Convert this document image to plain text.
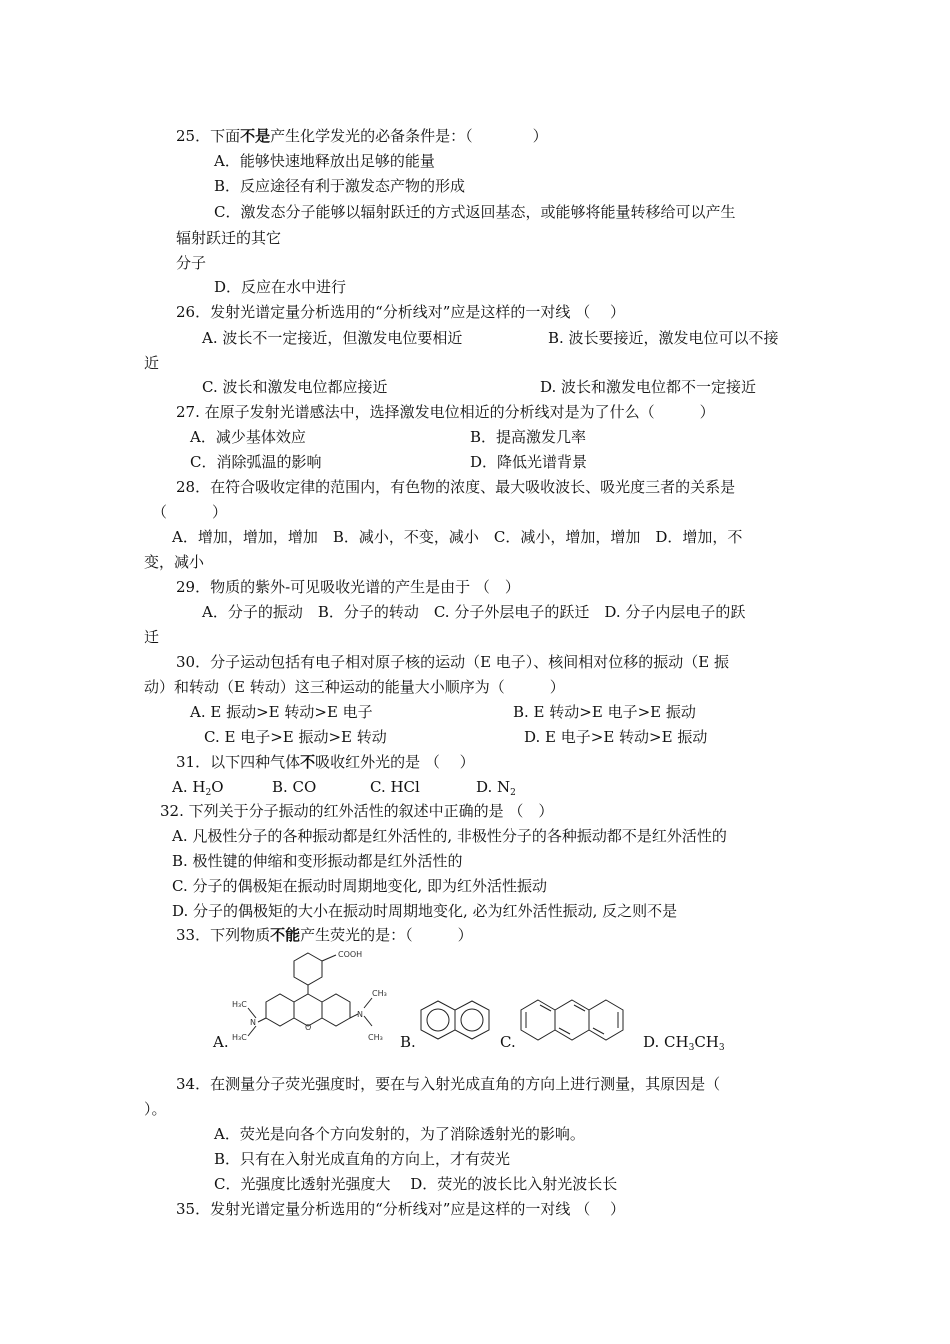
25．下面不是产生化学发光的必备条件是：（　　　　）
A．能够快速地释放出足够的能量
B．反应途径有利于激发态产物的形成
C．激发态分子能够以辐射跃迁的方式返回基态，或能够将能量转移给可以产生
辐射跃迁的其它
分子
D．反应在水中进行
26．发射光谱定量分析选用的“分析线对”应是这样的一对线 （　 ）
A. 波长不一定接近，但激发电位要相近	B. 波长要接近，激发电位可以不接
近
C. 波长和激发电位都应接近	D. 波长和激发电位都不一定接近
27. 在原子发射光谱感法中，选择激发电位相近的分析线对是为了什么（　　　）
A．减少基体效应	B．提高激发几率
C．消除弧温的影响	D．降低光谱背景
28．在符合吸收定律的范围内，有色物的浓度、最大吸收波长、吸光度三者的关系是
（　　　）
A．增加，增加，增加　B．减小，不变，减小　C．减小，增加，增加　D．增加，不
变，减小
29．物质的紫外-可见吸收光谱的产生是由于 （　）
A．分子的振动　B．分子的转动　C. 分子外层电子的跃迁　D. 分子内层电子的跃
迁
30．分子运动包括有电子相对原子核的运动（E 电子）、核间相对位移的振动（E 振
动）和转动（E 转动）这三种运动的能量大小顺序为（　　　）
A. E 振动>E 转动>E 电子	B. E 转动>E 电子>E 振动
C. E 电子>E 振动>E 转动	D. E 电子>E 转动>E 振动
31．以下四种气体不吸收红外光的是 （　 ）
A. $H_2O$	B. CO	C. HCl	D. $N_2$
32. 下列关于分子振动的红外活性的叙述中正确的是 （　）
A. 凡极性分子的各种振动都是红外活性的, 非极性分子的各种振动都不是红外活性的
B. 极性键的伸缩和变形振动都是红外活性的
C. 分子的偶极矩在振动时周期地变化, 即为红外活性振动
D. 分子的偶极矩的大小在振动时周期地变化, 必为红外活性振动, 反之则不是
33．下列物质不能产生荧光的是：（　　　）
A.	B.	C.	D. $CH_3CH_3$
COOH
O
N
N
H₃C
H₃C
CH₃
CH₃
34．在测量分子荧光强度时，要在与入射光成直角的方向上进行测量，其原因是（
）。
A．荧光是向各个方向发射的，为了消除透射光的影响。
B．只有在入射光成直角的方向上，才有荧光
C．光强度比透射光强度大　 D．荧光的波长比入射光波长长
35．发射光谱定量分析选用的“分析线对”应是这样的一对线 （　 ）
